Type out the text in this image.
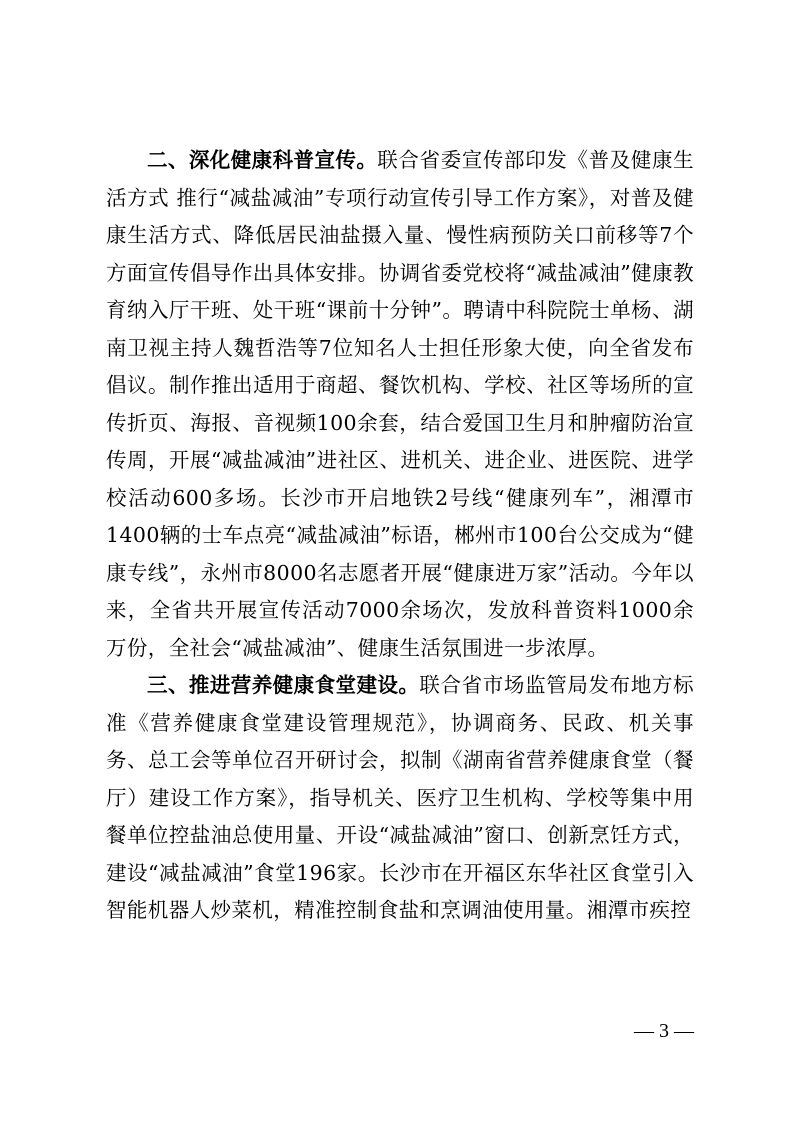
二、深化健康科普宣传。联合省委宣传部印发《普及健康生活方式 推行“减盐减油”专项行动宣传引导工作方案》，对普及健康生活方式、降低居民油盐摄入量、慢性病预防关口前移等7个方面宣传倡导作出具体安排。协调省委党校将“减盐减油”健康教育纳入厅干班、处干班“课前十分钟”。聘请中科院院士单杨、湖南卫视主持人魏哲浩等7位知名人士担任形象大使，向全省发布倡议。制作推出适用于商超、餐饮机构、学校、社区等场所的宣传折页、海报、音视频100余套，结合爱国卫生月和肿瘤防治宣传周，开展“减盐减油”进社区、进机关、进企业、进医院、进学校活动600多场。长沙市开启地铁2号线“健康列车”，湘潭市1400辆的士车点亮“减盐减油”标语，郴州市100台公交成为“健康专线”，永州市8000名志愿者开展“健康进万家”活动。今年以来，全省共开展宣传活动7000余场次，发放科普资料1000余万份，全社会“减盐减油”、健康生活氛围进一步浓厚。

三、推进营养健康食堂建设。联合省市场监管局发布地方标准《营养健康食堂建设管理规范》，协调商务、民政、机关事务、总工会等单位召开研讨会，拟制《湖南省营养健康食堂（餐厅）建设工作方案》，指导机关、医疗卫生机构、学校等集中用餐单位控盐油总使用量、开设“减盐减油”窗口、创新烹饪方式，建设“减盐减油”食堂196家。长沙市在开福区东华社区食堂引入智能机器人炒菜机，精准控制食盐和烹调油使用量。湘潭市疾控

— 3 —
